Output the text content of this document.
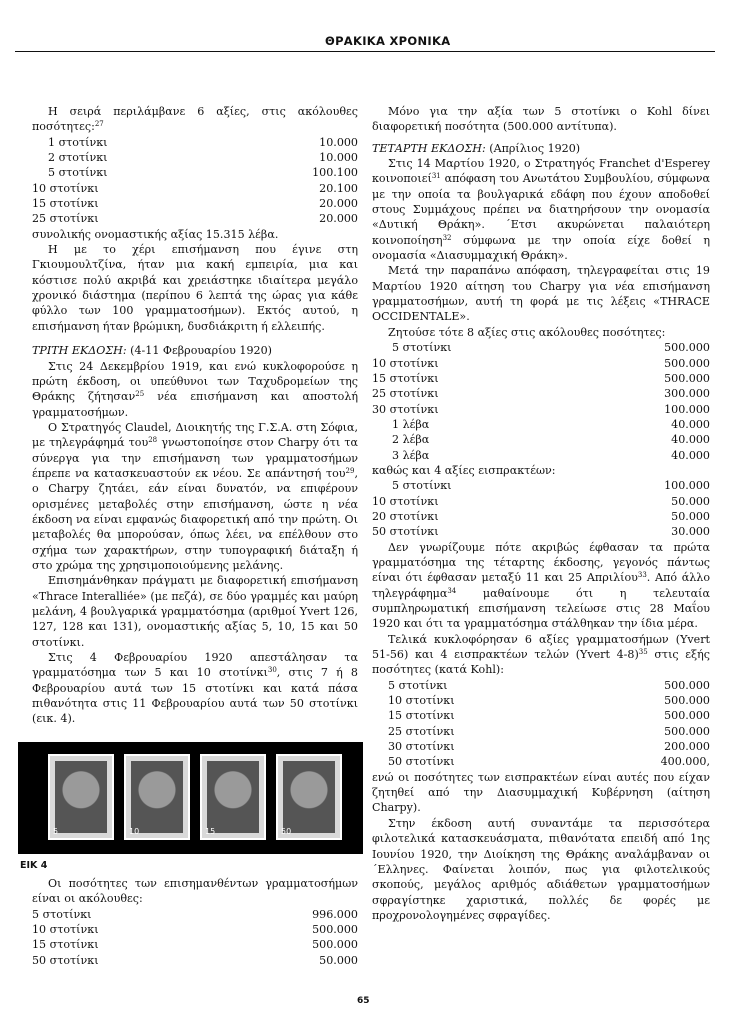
ΘΡΑΚΙΚΑ ΧΡΟΝΙΚΑ
Η σειρά περιλάμβανε 6 αξίες, στις ακόλουθες ποσότητες:$^{27}$
1 στοτίνκι	10.000
2 στοτίνκι	10.000
5 στοτίνκι	100.100
10 στοτίνκι	20.100
15 στοτίνκι	20.000
25 στοτίνκι	20.000
συνολικής ονομαστικής αξίας 15.315 λέβα.
Η με το χέρι επισήμανση που έγινε στη Γκιουμουλτζίνα, ήταν μια κακή εμπειρία, μια και κόστισε πολύ ακριβά και χρειάστηκε ιδιαίτερα μεγάλο χρονικό διάστημα (περίπου 6 λεπτά της ώρας για κάθε φύλλο των 100 γραμματοσήμων). Εκτός αυτού, η επισήμανση ήταν βρώμικη, δυσδιάκριτη ή ελλειπής.
ΤΡΙΤΗ ΕΚΔΟΣΗ: (4-11 Φεβρουαρίου 1920)
Στις 24 Δεκεμβρίου 1919, και ενώ κυκλοφορούσε η πρώτη έκδοση, οι υπεύθυνοι των Ταχυδρομείων της Θράκης ζήτησαν$^{25}$ νέα επισήμανση και αποστολή γραμματοσήμων.
Ο Στρατηγός Claudel, Διοικητής της Γ.Σ.Α. στη Σόφια, με τηλεγράφημά του$^{28}$ γνωστοποίησε στον Charpy ότι τα σύνεργα για την επισήμανση των γραμματοσήμων έπρεπε να κατασκευαστούν εκ νέου. Σε απάντησή του$^{29}$, ο Charpy ζητάει, εάν είναι δυνατόν, να επιφέρουν ορισμένες μεταβολές στην επισήμανση, ώστε η νέα έκδοση να είναι εμφανώς διαφορετική από την πρώτη. Οι μεταβολές θα μπορούσαν, όπως λέει, να επέλθουν στο σχήμα των χαρακτήρων, στην τυπογραφική διάταξη ή στο χρώμα της χρησιμοποιούμενης μελάνης.
Επισημάνθηκαν πράγματι με διαφορετική επισήμανση «Thrace Interalliée» (με πεζά), σε δύο γραμμές και μαύρη μελάνη, 4 βουλγαρικά γραμματόσημα (αριθμοί Yvert 126, 127, 128 και 131), ονομαστικής αξίας 5, 10, 15 και 50 στοτίνκι.
Στις 4 Φεβρουαρίου 1920 απεστάλησαν τα γραμματόσημα των 5 και 10 στοτίνκι$^{30}$, στις 7 ή 8 Φεβρουαρίου αυτά των 15 στοτίνκι και κατά πάσα πιθανότητα στις 11 Φεβρουαρίου αυτά των 50 στοτίνκι (εικ. 4).
5	10	15	50
ΕΙΚ 4
Οι ποσότητες των επισημανθέντων γραμματοσήμων είναι οι ακόλουθες:
5 στοτίνκι	996.000
10 στοτίνκι	500.000
15 στοτίνκι	500.000
50 στοτίνκι	50.000
Μόνο για την αξία των 5 στοτίνκι ο Kohl δίνει διαφορετική ποσότητα (500.000 αντίτυπα).
ΤΕΤΑΡΤΗ ΕΚΔΟΣΗ: (Απρίλιος 1920)
Στις 14 Μαρτίου 1920, ο Στρατηγός Franchet d'Esperey κοινοποιεί$^{31}$ απόφαση του Ανωτάτου Συμβουλίου, σύμφωνα με την οποία τα βουλγαρικά εδάφη που έχουν αποδοθεί στους Συμμάχους πρέπει να διατηρήσουν την ονομασία «Δυτική Θράκη». ΄Ετσι ακυρώνεται παλαιότερη κοινοποίηση$^{32}$ σύμφωνα με την οποία είχε δοθεί η ονομασία «Διασυμμαχική Θράκη».
Μετά την παραπάνω απόφαση, τηλεγραφείται στις 19 Μαρτίου 1920 αίτηση του Charpy για νέα επισήμανση γραμματοσήμων, αυτή τη φορά με τις λέξεις «THRACE OCCIDENTALE».
Ζητούσε τότε 8 αξίες στις ακόλουθες ποσότητες:
5 στοτίνκι	500.000
10 στοτίνκι	500.000
15 στοτίνκι	500.000
25 στοτίνκι	300.000
30 στοτίνκι	100.000
1 λέβα	40.000
2 λέβα	40.000
3 λέβα	40.000
καθώς και 4 αξίες εισπρακτέων:
5 στοτίνκι	100.000
10 στοτίνκι	50.000
20 στοτίνκι	50.000
50 στοτίνκι	30.000
Δεν γνωρίζουμε πότε ακριβώς έφθασαν τα πρώτα γραμματόσημα της τέταρτης έκδοσης, γεγονός πάντως είναι ότι έφθασαν μεταξύ 11 και 25 Απριλίου$^{33}$. Από άλλο τηλεγράφημα$^{34}$ μαθαίνουμε ότι η τελευταία συμπληρωματική επισήμανση τελείωσε στις 28 Μαΐου 1920 και ότι τα γραμματόσημα στάλθηκαν την ίδια μέρα.
Τελικά κυκλοφόρησαν 6 αξίες γραμματοσήμων (Yvert 51-56) και 4 εισπρακτέων τελών (Yvert 4-8)$^{35}$ στις εξής ποσότητες (κατά Kohl):
5 στοτίνκι	500.000
10 στοτίνκι	500.000
15 στοτίνκι	500.000
25 στοτίνκι	500.000
30 στοτίνκι	200.000
50 στοτίνκι	400.000,
ενώ οι ποσότητες των εισπρακτέων είναι αυτές που είχαν ζητηθεί από την Διασυμμαχική Κυβέρνηση (αίτηση Charpy).
Στην έκδοση αυτή συναντάμε τα περισσότερα φιλοτελικά κατασκευάσματα, πιθανότατα επειδή από 1ης Ιουνίου 1920, την Διοίκηση της Θράκης αναλάμβαναν οι ΄Ελληνες. Φαίνεται λοιπόν, πως για φιλοτελικούς σκοπούς, μεγάλος αριθμός αδιάθετων γραμματοσήμων σφραγίστηκε χαριστικά, πολλές δε φορές με προχρονολογημένες σφραγίδες.
65
